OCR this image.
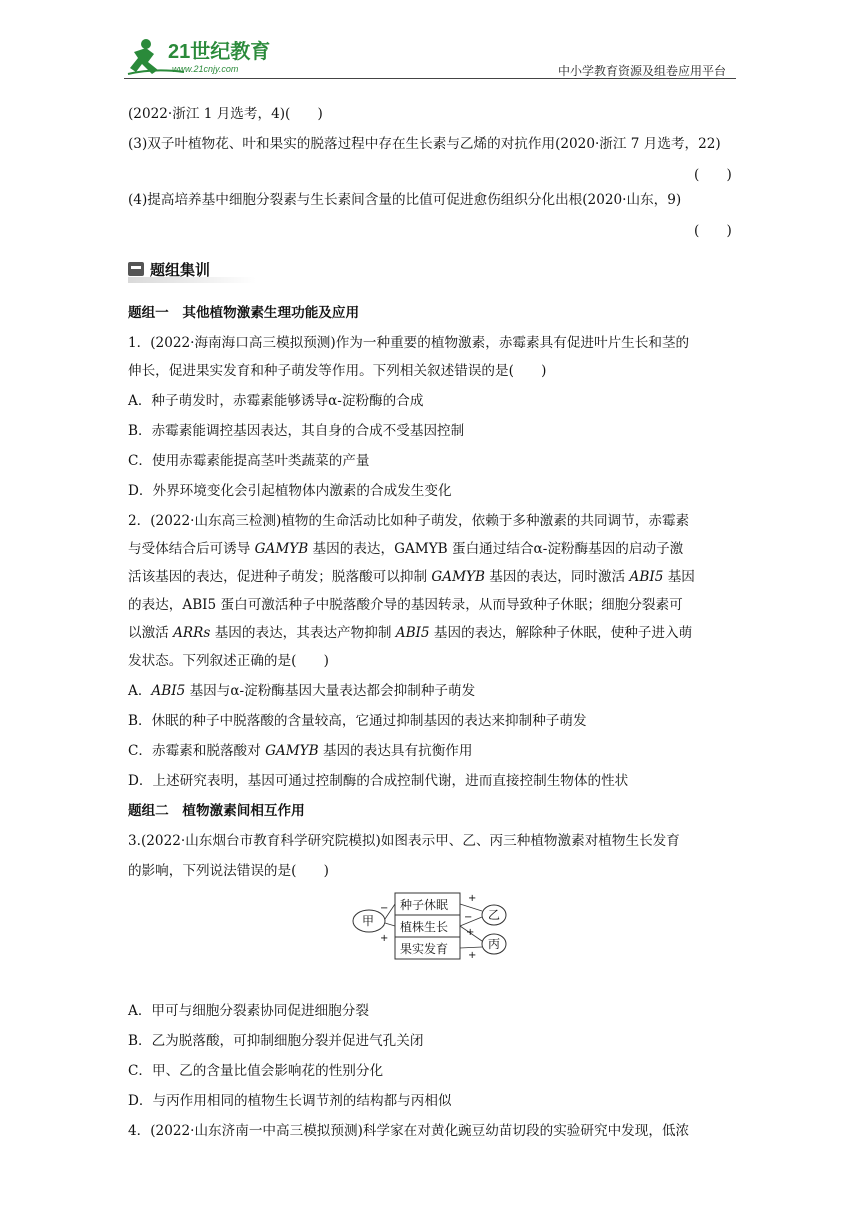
21世纪教育
www.21cnjy.com	中小学教育资源及组卷应用平台
(2022·浙江 1 月选考，4)(　　)
(3)双子叶植物花、叶和果实的脱落过程中存在生长素与乙烯的对抗作用(2020·浙江 7 月选考，22)
(　　)
(4)提高培养基中细胞分裂素与生长素间含量的比值可促进愈伤组织分化出根(2020·山东，9)
(　　)
题组集训
题组一　其他植物激素生理功能及应用
1．(2022·海南海口高三模拟预测)作为一种重要的植物激素，赤霉素具有促进叶片生长和茎的
伸长，促进果实发育和种子萌发等作用。下列相关叙述错误的是(　　)
A．种子萌发时，赤霉素能够诱导α-淀粉酶的合成
B．赤霉素能调控基因表达，其自身的合成不受基因控制
C．使用赤霉素能提高茎叶类蔬菜的产量
D．外界环境变化会引起植物体内激素的合成发生变化
2．(2022·山东高三检测)植物的生命活动比如种子萌发，依赖于多种激素的共同调节，赤霉素
与受体结合后可诱导 GAMYB 基因的表达，GAMYB 蛋白通过结合α-淀粉酶基因的启动子激
活该基因的表达，促进种子萌发；脱落酸可以抑制 GAMYB 基因的表达，同时激活 ABI5 基因
的表达，ABI5 蛋白可激活种子中脱落酸介导的基因转录，从而导致种子休眠；细胞分裂素可
以激活 ARRs 基因的表达，其表达产物抑制 ABI5 基因的表达，解除种子休眠，使种子进入萌
发状态。下列叙述正确的是(　　)
A．ABI5 基因与α-淀粉酶基因大量表达都会抑制种子萌发
B．休眠的种子中脱落酸的含量较高，它通过抑制基因的表达来抑制种子萌发
C．赤霉素和脱落酸对 GAMYB 基因的表达具有抗衡作用
D．上述研究表明，基因可通过控制酶的合成控制代谢，进而直接控制生物体的性状
题组二　植物激素间相互作用
3.(2022·山东烟台市教育科学研究院模拟)如图表示甲、乙、丙三种植物激素对植物生长发育
的影响，下列说法错误的是(　　)
甲
种子休眠
植株生长
果实发育
乙
丙
−
+
+
−
+
+
A．甲可与细胞分裂素协同促进细胞分裂
B．乙为脱落酸，可抑制细胞分裂并促进气孔关闭
C．甲、乙的含量比值会影响花的性别分化
D．与丙作用相同的植物生长调节剂的结构都与丙相似
4．(2022·山东济南一中高三模拟预测)科学家在对黄化豌豆幼苗切段的实验研究中发现，低浓
